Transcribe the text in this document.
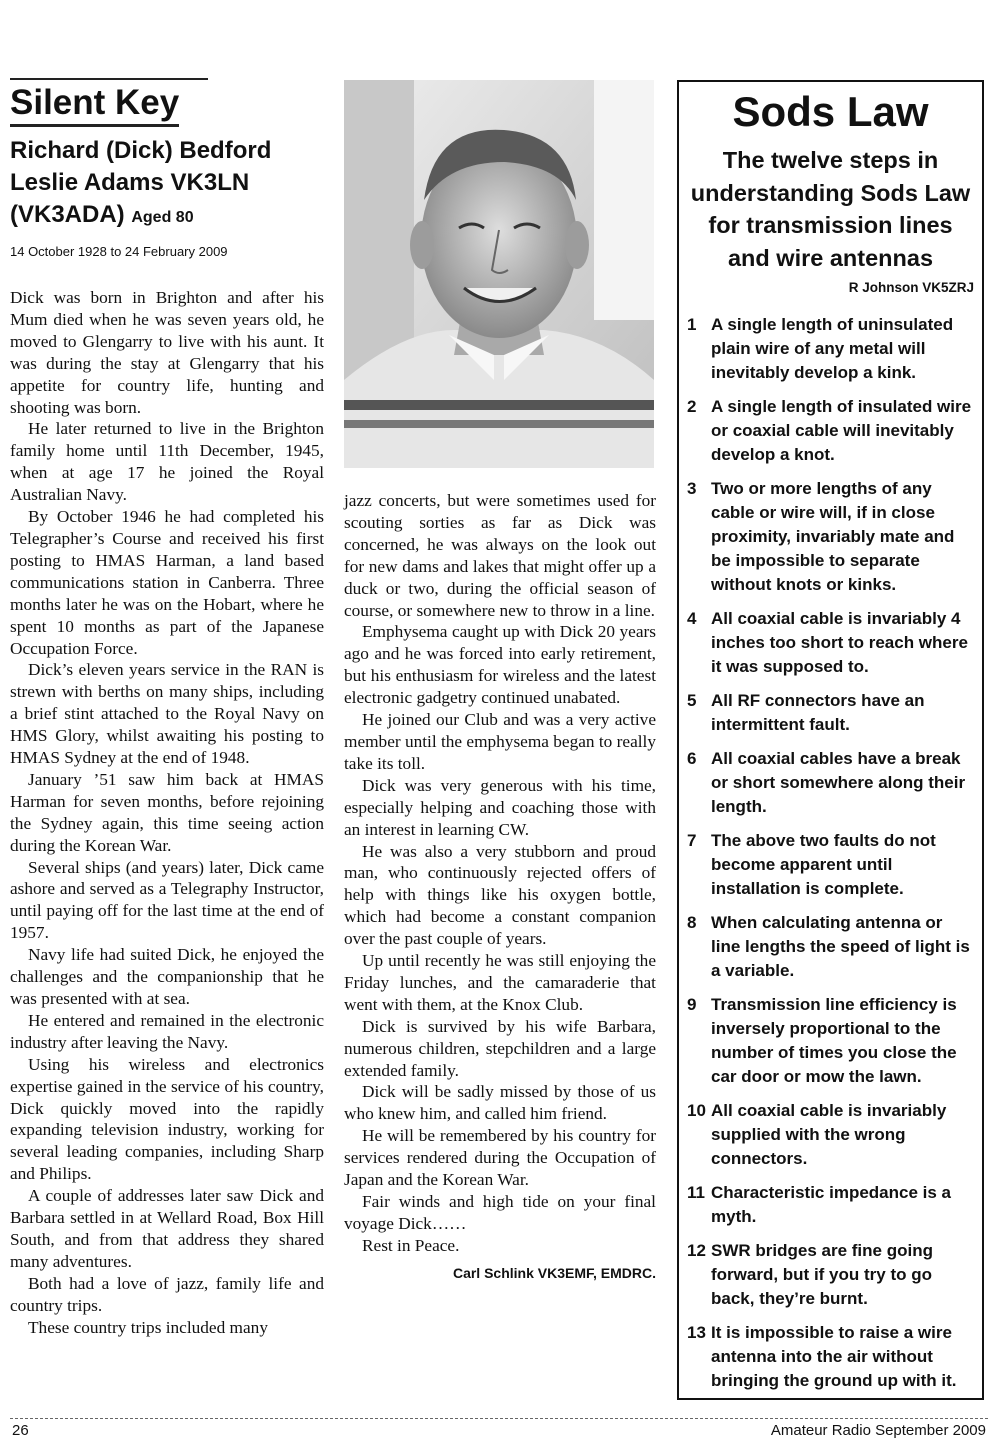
Silent Key
Richard (Dick) Bedford
Leslie Adams VK3LN
(VK3ADA) Aged 80
14 October 1928 to 24 February 2009

Dick was born in Brighton and after his Mum died when he was seven years old, he moved to Glengarry to live with his aunt. It was during the stay at Glengarry that his appetite for country life, hunting and shooting was born.

He later returned to live in the Brighton family home until 11th December, 1945, when at age 17 he joined the Royal Australian Navy.

By October 1946 he had completed his Telegrapher’s Course and received his first posting to HMAS Harman, a land based communications station in Canberra. Three months later he was on the Hobart, where he spent 10 months as part of the Japanese Occupation Force.

Dick’s eleven years service in the RAN is strewn with berths on many ships, including a brief stint attached to the Royal Navy on HMS Glory, whilst awaiting his posting to HMAS Sydney at the end of 1948.

January ’51 saw him back at HMAS Harman for seven months, before rejoining the Sydney again, this time seeing action during the Korean War.

Several ships (and years) later, Dick came ashore and served as a Telegraphy Instructor, until paying off for the last time at the end of 1957.

Navy life had suited Dick, he enjoyed the challenges and the companionship that he was presented with at sea.

He entered and remained in the electronic industry after leaving the Navy.

Using his wireless and electronics expertise gained in the service of his country, Dick quickly moved into the rapidly expanding television industry, working for several leading companies, including Sharp and Philips.

A couple of addresses later saw Dick and Barbara settled in at Wellard Road, Box Hill South, and from that address they shared many adventures.

Both had a love of jazz, family life and country trips.

These country trips included many

jazz concerts, but were sometimes used for scouting sorties as far as Dick was concerned, he was always on the look out for new dams and lakes that might offer up a duck or two, during the official season of course, or somewhere new to throw in a line.

Emphysema caught up with Dick 20 years ago and he was forced into early retirement, but his enthusiasm for wireless and the latest electronic gadgetry continued unabated.

He joined our Club and was a very active member until the emphysema began to really take its toll.

Dick was very generous with his time, especially helping and coaching those with an interest in learning CW.

He was also a very stubborn and proud man, who continuously rejected offers of help with things like his oxygen bottle, which had become a constant companion over the past couple of years.

Up until recently he was still enjoying the Friday lunches, and the camaraderie that went with them, at the Knox Club.

Dick is survived by his wife Barbara, numerous children, stepchildren and a large extended family.

Dick will be sadly missed by those of us who knew him, and called him friend.

He will be remembered by his country for services rendered during the Occupation of Japan and the Korean War.

Fair winds and high tide on your final voyage Dick……

Rest in Peace.

Carl Schlink VK3EMF, EMDRC.
Sods Law
The twelve steps in understanding Sods Law for transmission lines and wire antennas
R Johnson VK5ZRJ
1 A single length of uninsulated plain wire of any metal will inevitably develop a kink.
2 A single length of insulated wire or coaxial cable will inevitably develop a knot.
3 Two or more lengths of any cable or wire will, if in close proximity, invariably mate and be impossible to separate without knots or kinks.
4 All coaxial cable is invariably 4 inches too short to reach where it was supposed to.
5 All RF connectors have an intermittent fault.
6 All coaxial cables have a break or short somewhere along their length.
7 The above two faults do not become apparent until installation is complete.
8 When calculating antenna or line lengths the speed of light is a variable.
9 Transmission line efficiency is inversely proportional to the number of times you close the car door or mow the lawn.
10 All coaxial cable is invariably supplied with the wrong connectors.
11 Characteristic impedance is a myth.
12 SWR bridges are fine going forward, but if you try to go back, they’re burnt.
13 It is impossible to raise a wire antenna into the air without bringing the ground up with it.
26	Amateur Radio September 2009
